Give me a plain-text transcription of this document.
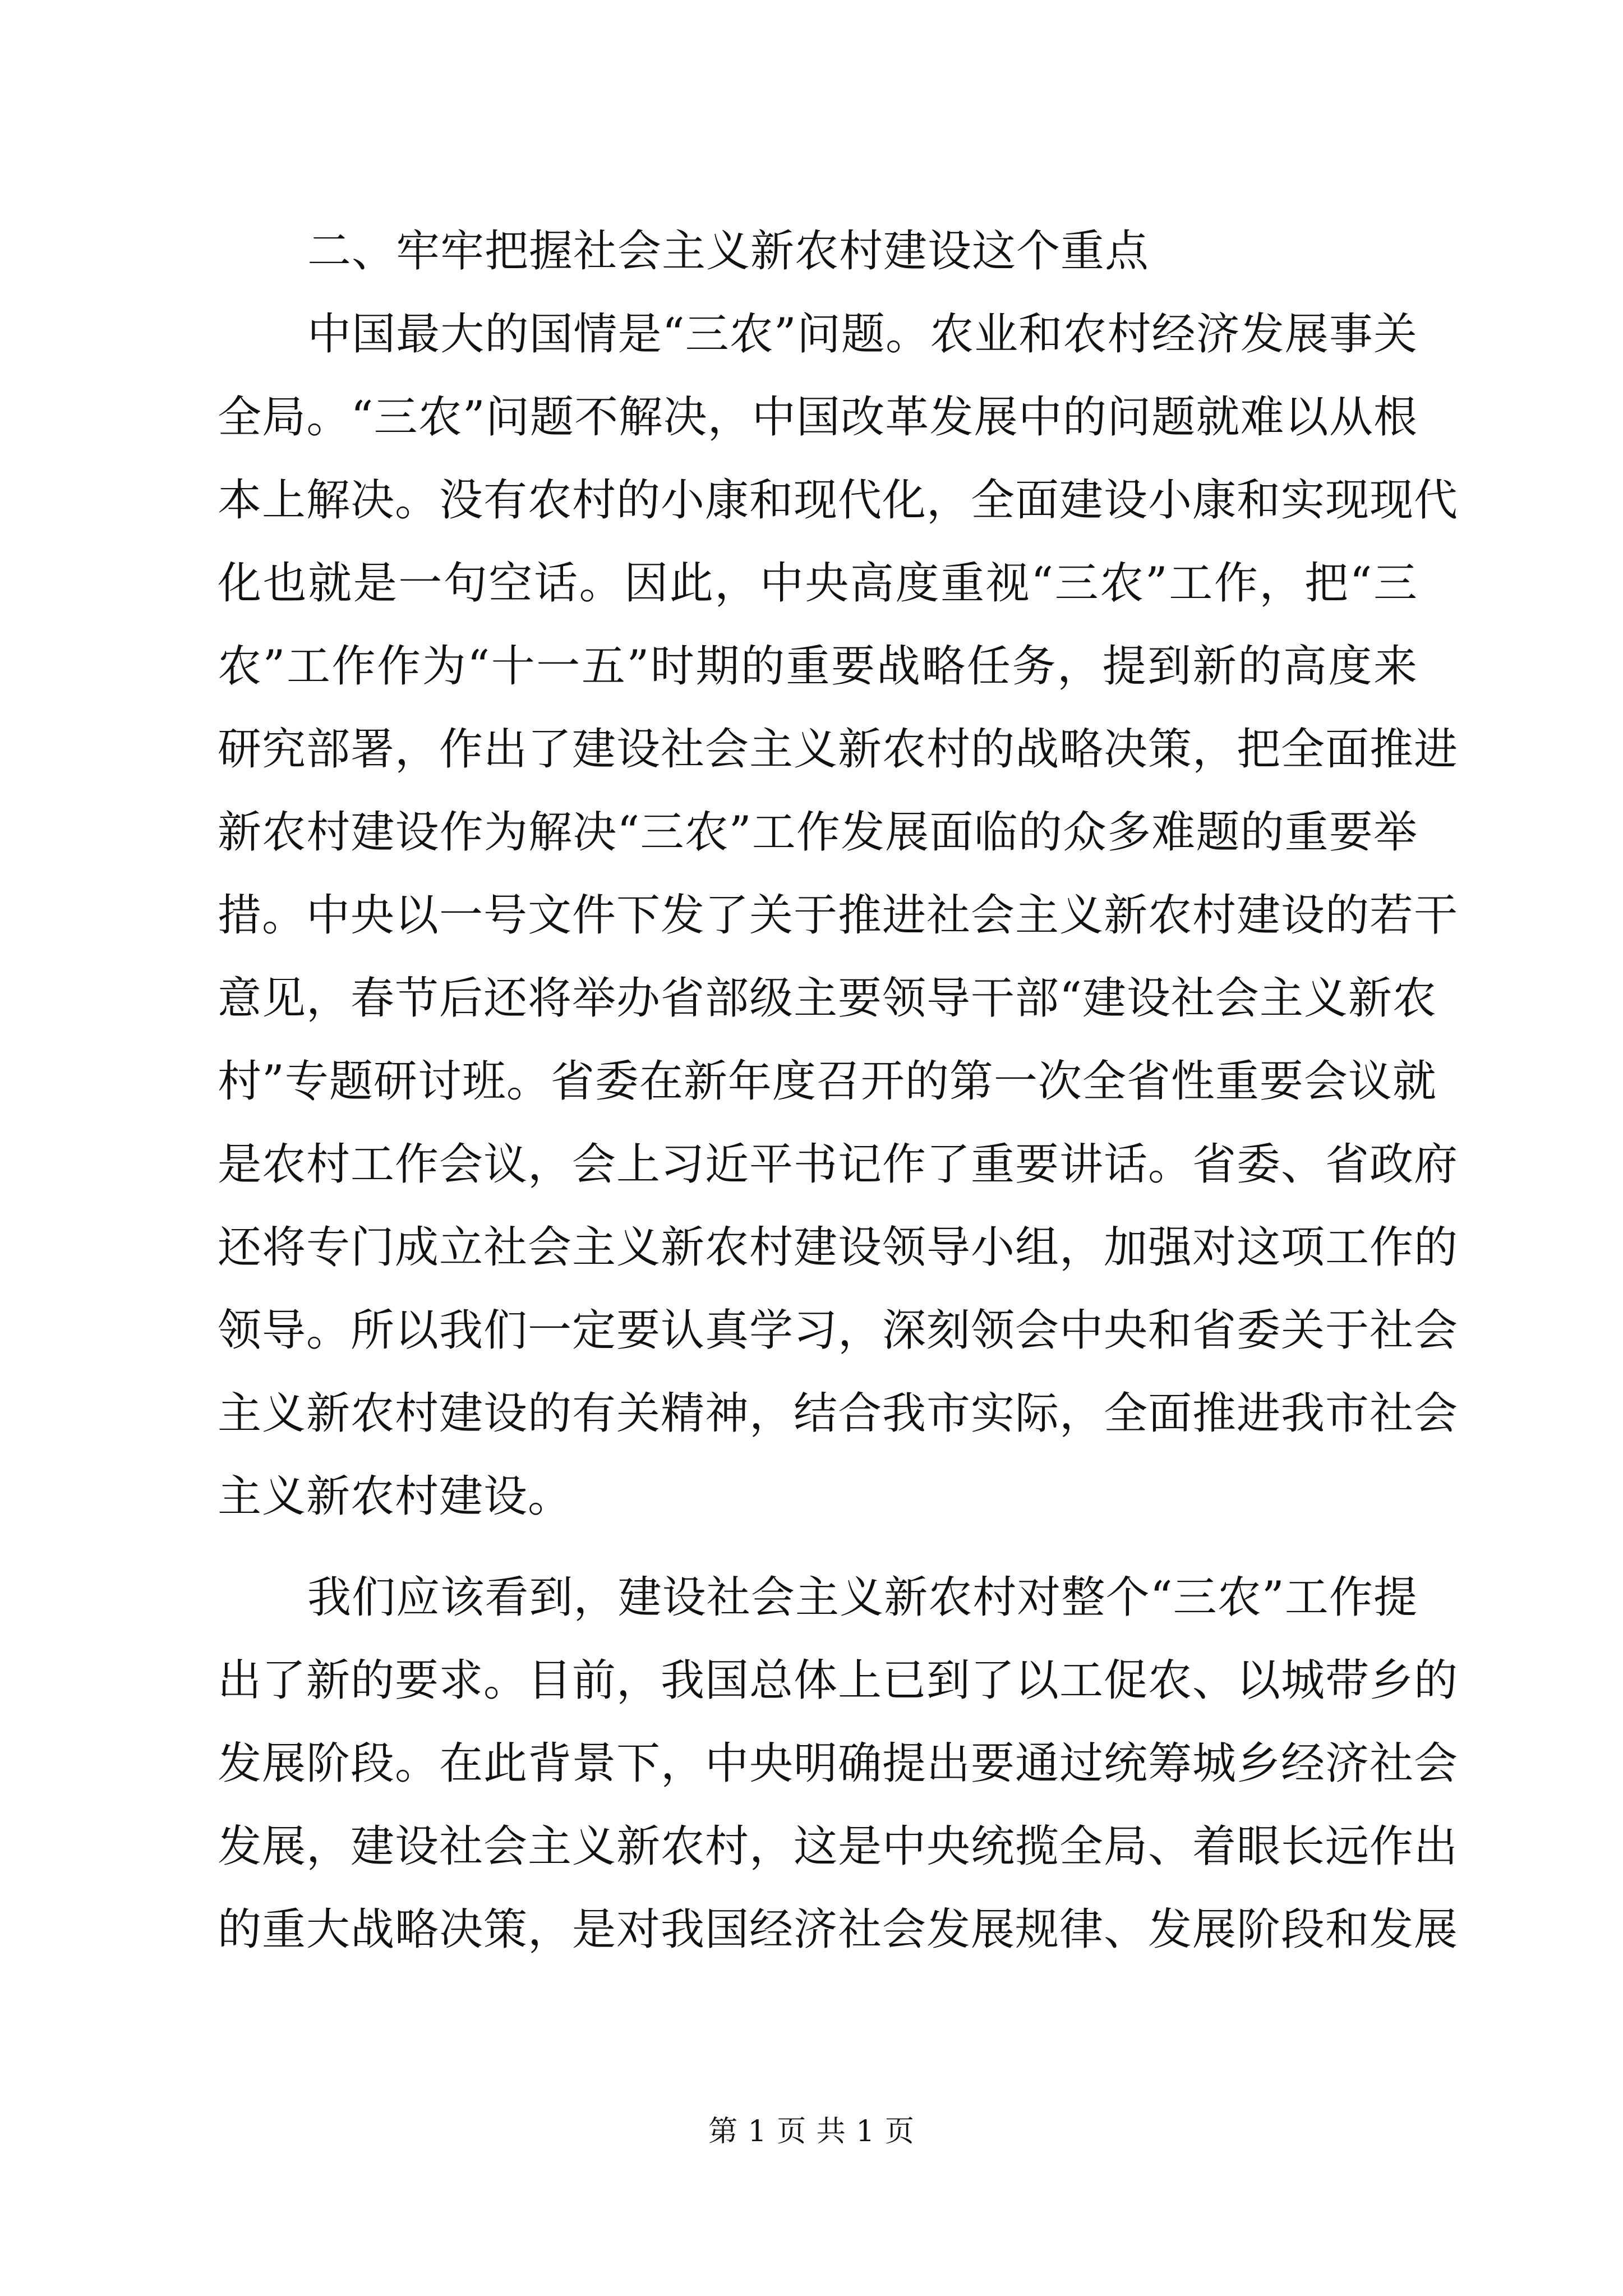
二、牢牢把握社会主义新农村建设这个重点
中国最大的国情是“三农”问题。农业和农村经济发展事关
全局。“三农”问题不解决，中国改革发展中的问题就难以从根
本上解决。没有农村的小康和现代化，全面建设小康和实现现代
化也就是一句空话。因此，中央高度重视“三农”工作，把“三
农”工作作为“十一五”时期的重要战略任务，提到新的高度来
研究部署，作出了建设社会主义新农村的战略决策，把全面推进
新农村建设作为解决“三农”工作发展面临的众多难题的重要举
措。中央以一号文件下发了关于推进社会主义新农村建设的若干
意见，春节后还将举办省部级主要领导干部“建设社会主义新农
村”专题研讨班。省委在新年度召开的第一次全省性重要会议就
是农村工作会议，会上习近平书记作了重要讲话。省委、省政府
还将专门成立社会主义新农村建设领导小组，加强对这项工作的
领导。所以我们一定要认真学习，深刻领会中央和省委关于社会
主义新农村建设的有关精神，结合我市实际，全面推进我市社会
主义新农村建设。
我们应该看到，建设社会主义新农村对整个“三农”工作提
出了新的要求。目前，我国总体上已到了以工促农、以城带乡的
发展阶段。在此背景下，中央明确提出要通过统筹城乡经济社会
发展，建设社会主义新农村，这是中央统揽全局、着眼长远作出
的重大战略决策，是对我国经济社会发展规律、发展阶段和发展
第 1 页 共 1 页
